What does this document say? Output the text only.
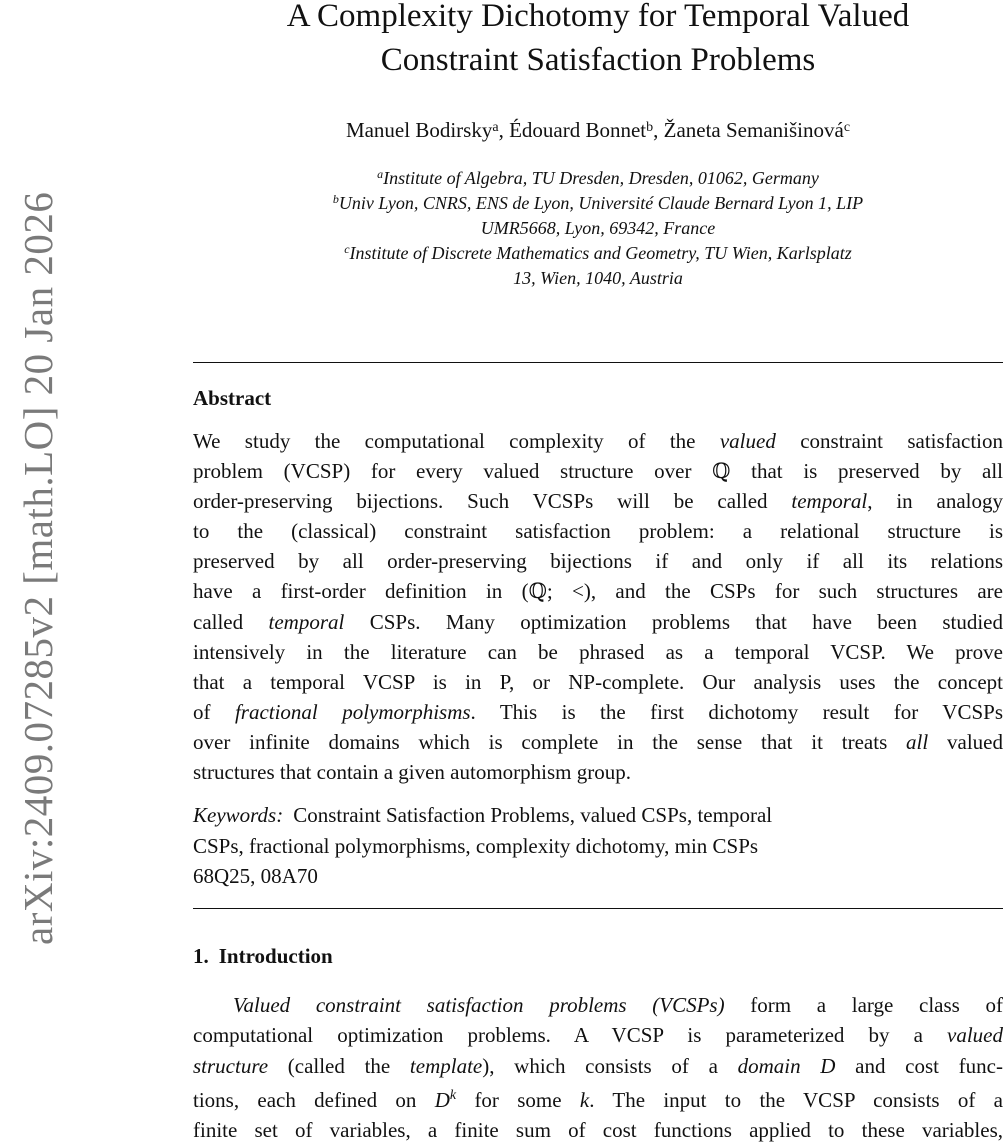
arXiv:2409.07285v2 [math.LO] 20 Jan 2026
A Complexity Dichotomy for Temporal Valued
Constraint Satisfaction Problems
Manuel Bodirsky$^a$, Édouard Bonnet$^b$, Žaneta Semanišinová$^c$
$^a$Institute of Algebra, TU Dresden, Dresden, 01062, Germany
$^b$Univ Lyon, CNRS, ENS de Lyon, Université Claude Bernard Lyon 1, LIP
UMR5668, Lyon, 69342, France
$^c$Institute of Discrete Mathematics and Geometry, TU Wien, Karlsplatz
13, Wien, 1040, Austria
Abstract
We study the computational complexity of the valued constraint satisfaction
problem (VCSP) for every valued structure over ℚ that is preserved by all
order-preserving bijections. Such VCSPs will be called temporal, in analogy
to the (classical) constraint satisfaction problem: a relational structure is
preserved by all order-preserving bijections if and only if all its relations
have a first-order definition in (ℚ; <), and the CSPs for such structures are
called temporal CSPs. Many optimization problems that have been studied
intensively in the literature can be phrased as a temporal VCSP. We prove
that a temporal VCSP is in P, or NP-complete. Our analysis uses the concept
of fractional polymorphisms. This is the first dichotomy result for VCSPs
over infinite domains which is complete in the sense that it treats all valued
structures that contain a given automorphism group.
Keywords: Constraint Satisfaction Problems, valued CSPs, temporal
CSPs, fractional polymorphisms, complexity dichotomy, min CSPs
68Q25, 08A70
1. Introduction
Valued constraint satisfaction problems (VCSPs) form a large class of
computational optimization problems. A VCSP is parameterized by a valued
structure (called the template), which consists of a domain D and cost func-
tions, each defined on $D^k$ for some k. The input to the VCSP consists of a
finite set of variables, a finite sum of cost functions applied to these variables,
